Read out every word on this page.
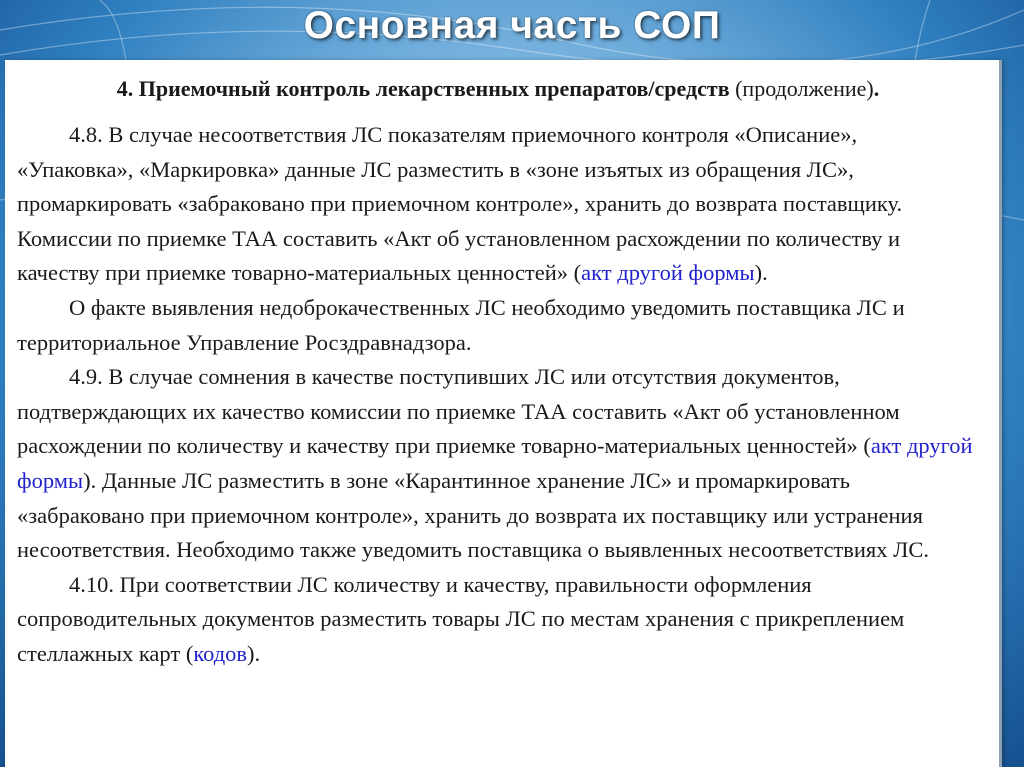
Основная часть СОП
4. Приемочный контроль лекарственных препаратов/средств (продолжение).

4.8. В случае несоответствия ЛС показателям приемочного контроля «Описание», «Упаковка», «Маркировка» данные ЛС разместить в «зоне изъятых из обращения ЛС», промаркировать «забраковано при приемочном контроле», хранить до возврата поставщику. Комиссии по приемке ТАА составить «Акт об установленном расхождении по количеству и качеству при приемке товарно-материальных ценностей» (акт другой формы).

О факте выявления недоброкачественных ЛС необходимо уведомить поставщика ЛС и территориальное Управление Росздравнадзора.

4.9. В случае сомнения в качестве поступивших ЛС или отсутствия документов, подтверждающих их качество комиссии по приемке ТАА составить «Акт об установленном расхождении по количеству и качеству при приемке товарно-материальных ценностей» (акт другой формы). Данные ЛС разместить в зоне «Карантинное хранение ЛС» и промаркировать «забраковано при приемочном контроле», хранить до возврата их поставщику или устранения несоответствия. Необходимо также уведомить поставщика о выявленных несоответствиях ЛС.

4.10. При соответствии ЛС количеству и качеству, правильности оформления сопроводительных документов разместить товары ЛС по местам хранения с прикреплением стеллажных карт (кодов).
